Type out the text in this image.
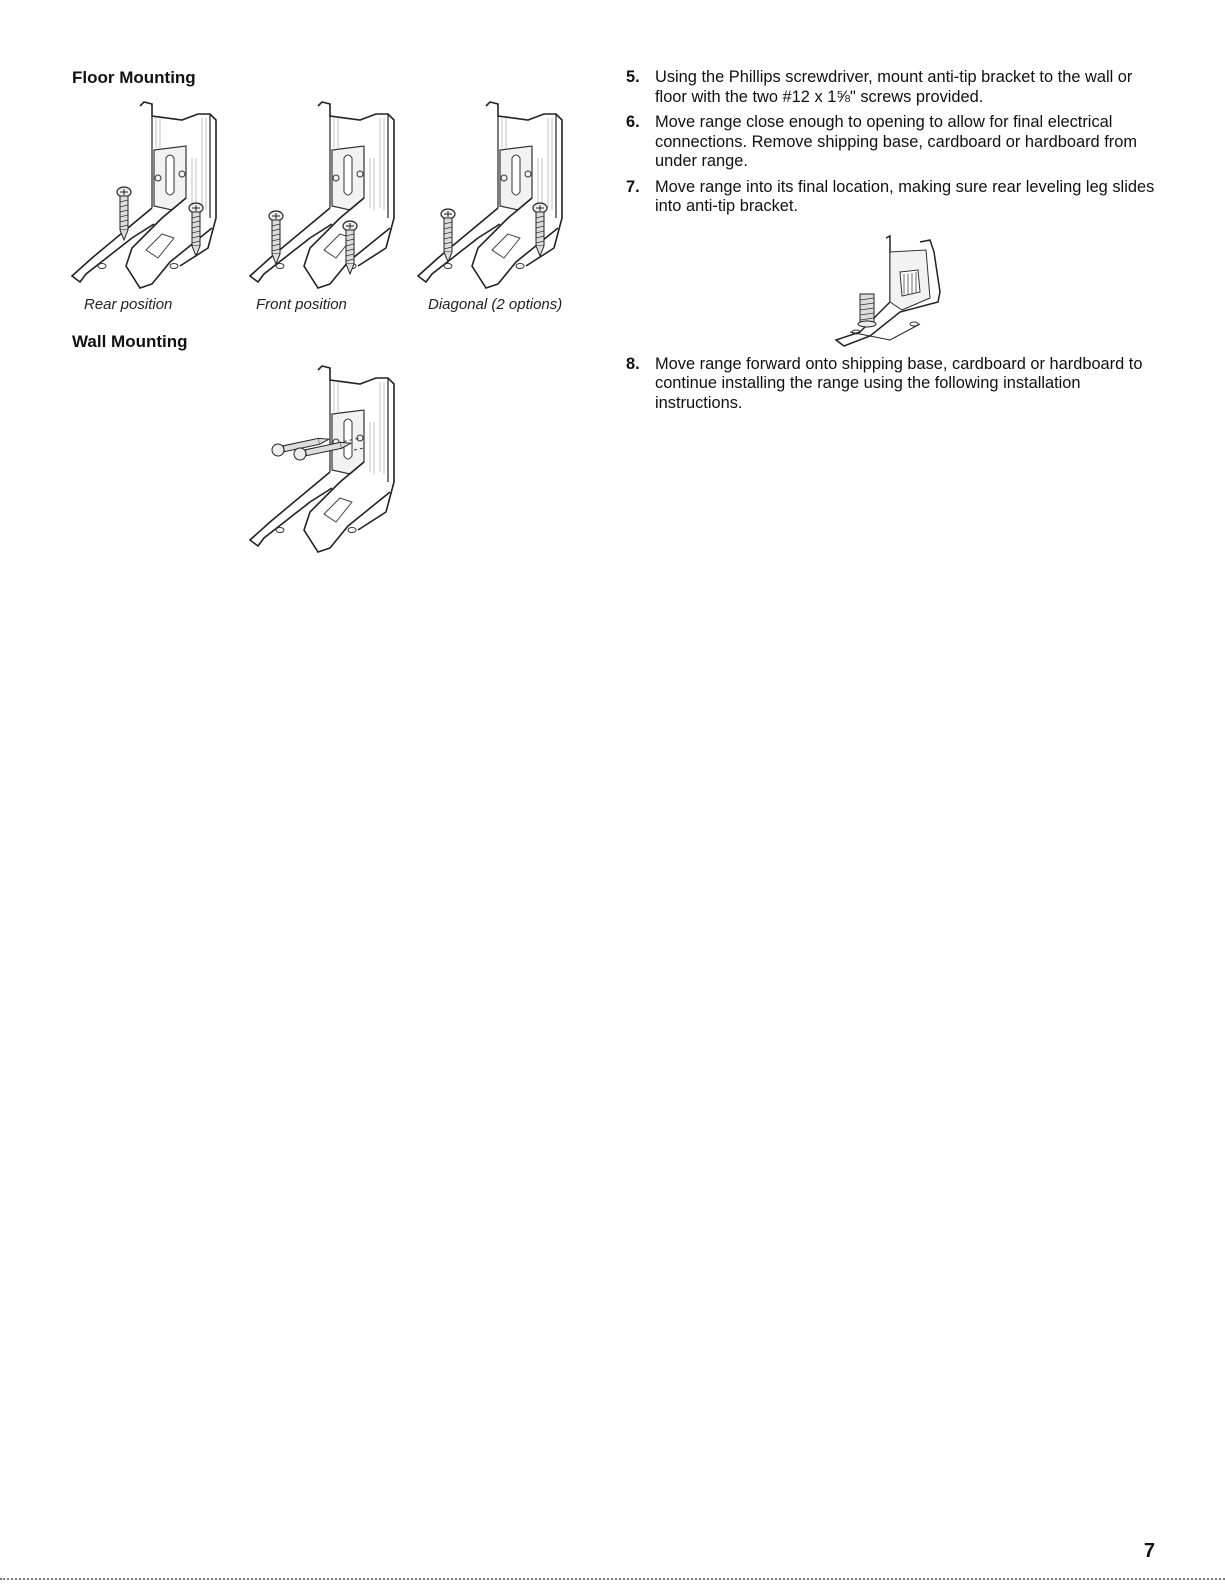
Floor Mounting
Rear position	Front position	Diagonal (2 options)
Wall Mounting
5. Using the Phillips screwdriver, mount anti-tip bracket to the wall or floor with the two #12 x 1⅝" screws provided.
6. Move range close enough to opening to allow for final electrical connections. Remove shipping base, cardboard or hardboard from under range.
7. Move range into its final location, making sure rear leveling leg slides into anti-tip bracket.
8. Move range forward onto shipping base, cardboard or hardboard to continue installing the range using the following installation instructions.
7
